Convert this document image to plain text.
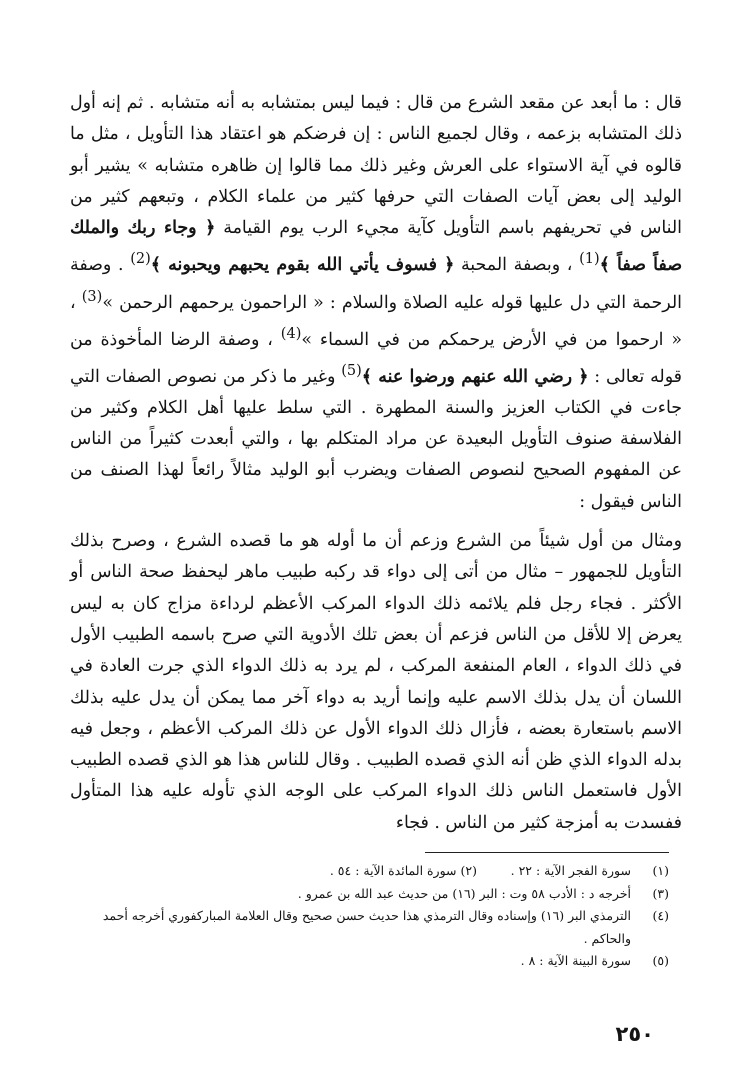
قال : ما أبعد عن مقعد الشرع من قال : فيما ليس بمتشابه به أنه متشابه . ثم إنه أول ذلك المتشابه بزعمه ، وقال لجميع الناس : إن فرضكم هو اعتقاد هذا التأويل ، مثل ما قالوه في آية الاستواء على العرش وغير ذلك مما قالوا إن ظاهره متشابه » يشير أبو الوليد إلى بعض آيات الصفات التي حرفها كثير من علماء الكلام ، وتبعهم كثير من الناس في تحريفهم باسم التأويل كآية مجيء الرب يوم القيامة ﴿ وجاء ربك والملك صفاً صفاً ﴾$^{(1)}$ ، وبصفة المحبة ﴿ فسوف يأتي الله بقوم يحبهم ويحبونه ﴾$^{(2)}$ . وصفة الرحمة التي دل عليها قوله عليه الصلاة والسلام : « الراحمون يرحمهم الرحمن »$^{(3)}$ ، « ارحموا من في الأرض يرحمكم من في السماء »$^{(4)}$ ، وصفة الرضا المأخوذة من قوله تعالى : ﴿ رضي الله عنهم ورضوا عنه ﴾$^{(5)}$ وغير ما ذكر من نصوص الصفات التي جاءت في الكتاب العزيز والسنة المطهرة . التي سلط عليها أهل الكلام وكثير من الفلاسفة صنوف التأويل البعيدة عن مراد المتكلم بها ، والتي أبعدت كثيراً من الناس عن المفهوم الصحيح لنصوص الصفات ويضرب أبو الوليد مثالاً رائعاً لهذا الصنف من الناس فيقول :

ومثال من أول شيئاً من الشرع وزعم أن ما أوله هو ما قصده الشرع ، وصرح بذلك التأويل للجمهور – مثال من أتى إلى دواء قد ركبه طبيب ماهر ليحفظ صحة الناس أو الأكثر . فجاء رجل فلم يلائمه ذلك الدواء المركب الأعظم لرداءة مزاج كان به ليس يعرض إلا للأقل من الناس فزعم أن بعض تلك الأدوية التي صرح باسمه الطبيب الأول في ذلك الدواء ، العام المنفعة المركب ، لم يرد به ذلك الدواء الذي جرت العادة في اللسان أن يدل بذلك الاسم عليه وإنما أريد به دواء آخر مما يمكن أن يدل عليه بذلك الاسم باستعارة بعضه ، فأزال ذلك الدواء الأول عن ذلك المركب الأعظم ، وجعل فيه بدله الدواء الذي ظن أنه الذي قصده الطبيب . وقال للناس هذا هو الذي قصده الطبيب الأول فاستعمل الناس ذلك الدواء المركب على الوجه الذي تأوله عليه هذا المتأول ففسدت به أمزجة كثير من الناس . فجاء

(١)
سورة الفجر الآية : ٢٢ . (٢) سورة المائدة الآية : ٥٤ .
(٣)
أخرجه د : الأدب ٥٨ وت : البر (١٦) من حديث عبد الله بن عمرو .
(٤)
الترمذي البر (١٦) وإسناده وقال الترمذي هذا حديث حسن صحيح وقال العلامة المباركفوري أخرجه أحمد والحاكم .
(٥)
سورة البينة الآية : ٨ .
٢٥٠
